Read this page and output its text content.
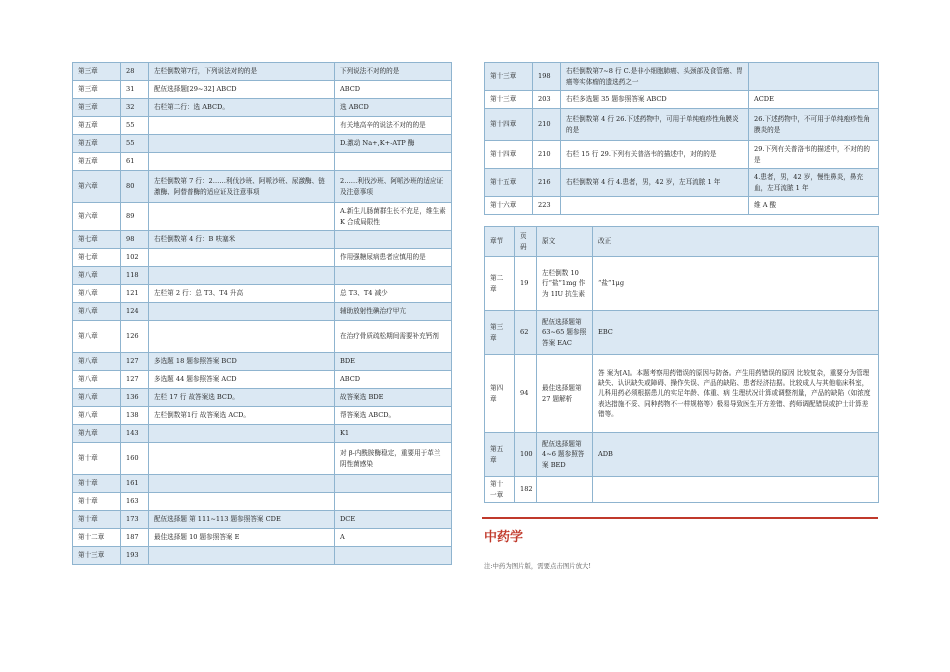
第三章	28	左栏倒数第7行，下列说法对的的是	下列说法不对的的是
第三章	31	配伍选择题[29~32] ABCD	ABCD
第三章	32	右栏第二行：选 ABCD。	选 ABCD
第五章	55		有关地高辛的说法不对的的是
第五章	55		D.激动 Na+,K+-ATP 酶
第五章	61		
第六章	80	左栏倒数第 7 行：2……利伐沙班、阿哌沙班、尿激酶、链激酶、阿替普酶的适应证及注意事项	2……利伐沙班、阿哌沙班的适应证及注意事项
第六章	89		A.新生儿肠菌群生长不充足，维生素 K 合成局限性
第七章	98	右栏倒数第 4 行：B 呋塞米	
第七章	102		作用强糖尿病患者应慎用的是
第八章	118		
第八章	121	左栏第 2 行：总 T3、T4 升高	总 T3、T4 减少
第八章	124		辅助放射性碘治疗甲亢
第八章	126		在治疗骨质疏松期间需要补充钙剂
第八章	127	多选题 18 题参照答案 BCD	BDE
第八章	127	多选题 44 题参照答案 ACD	ABCD
第八章	136	左栏 17 行 故答案选 BCD。	故答案选 BDE
第八章	138	左栏倒数第1行 故答案选 ACD。	帮答案选 ABCD。
第九章	143		K1
第十章	160		对 β-内酰胺酶稳定，重要用于革兰阴性菌感染
第十章	161		
第十章	163		
第十章	173	配伍选择题 第 111~113 题参照答案 CDE	DCE
第十二章	187	最佳选择题 10 题参照答案 E	A
第十三章	193		
第十三章	198	右栏倒数第7~8 行 C.是非小细胞肺癌、头颈部及食管癌、胃癌等实体瘤的遗选药之一	
第十三章	203	右栏多选题 35 题参照答案 ABCD	ACDE
第十四章	210	左栏倒数第 4 行 26.下述药物中，可用于单纯疱疹性角膜炎的是	26.下述药物中，不可用于单纯疱疹性角膜炎的是
第十四章	210	右栏 15 行 29.下列有关普洛韦的描述中，对的的是	29.下列有关普洛韦的描述中，不对的的是
第十五章	216	右栏倒数第 4 行 4.患者，男，42 岁，左耳流脓 1 年	4.患者，男，42 岁，慢性鼻炎，鼻充血，左耳流脓 1 年
第十六章	223		维 A 酸
章节	页码	原文	改正
第二章	19	左栏倒数 10 行“盐”1mg 作为 1IU 抗生素	“盐”1μg
第三章	62	配伍选择题第 63~65 题参照答案 EAC	EBC
第四章	94	最佳选择题第 27 题解析	答 案为[A]。本题考察用药错误的原因与防备。产生用药错误的原因 比较复杂，重要分为管理缺失、认识缺失或障碍、操作失误、产品的缺陷、患者经济拮据。比较成人与其他临床科室，儿科用药必须根据患儿的实足年龄、体重、病 生理状况计算或调整剂量，产品的缺陷（如浓度表达措施不妥、同种药物不一样规格等）极易导致医生开方差错、药师调配错误或护士计算差错等。
第五章	100	配伍选择题第 4~6 题参照答案 BED	ADB
第十一章	182		
中药学
注:中药为图片版，需要点击图片放大!
